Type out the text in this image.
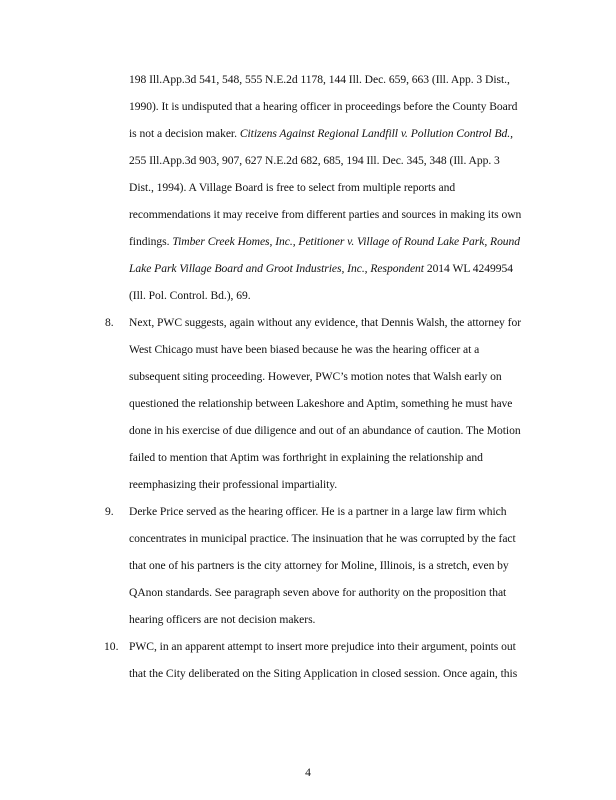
198 Ill.App.3d 541, 548, 555 N.E.2d 1178, 144 Ill. Dec. 659, 663 (Ill. App. 3 Dist.,
1990). It is undisputed that a hearing officer in proceedings before the County Board
is not a decision maker. Citizens Against Regional Landfill v. Pollution Control Bd.,
255 Ill.App.3d 903, 907, 627 N.E.2d 682, 685, 194 Ill. Dec. 345, 348 (Ill. App. 3
Dist., 1994). A Village Board is free to select from multiple reports and
recommendations it may receive from different parties and sources in making its own
findings. Timber Creek Homes, Inc., Petitioner v. Village of Round Lake Park, Round
Lake Park Village Board and Groot Industries, Inc., Respondent 2014 WL 4249954
(Ill. Pol. Control. Bd.), 69.
8. Next, PWC suggests, again without any evidence, that Dennis Walsh, the attorney for
West Chicago must have been biased because he was the hearing officer at a
subsequent siting proceeding. However, PWC’s motion notes that Walsh early on
questioned the relationship between Lakeshore and Aptim, something he must have
done in his exercise of due diligence and out of an abundance of caution. The Motion
failed to mention that Aptim was forthright in explaining the relationship and
reemphasizing their professional impartiality.
9. Derke Price served as the hearing officer. He is a partner in a large law firm which
concentrates in municipal practice. The insinuation that he was corrupted by the fact
that one of his partners is the city attorney for Moline, Illinois, is a stretch, even by
QAnon standards. See paragraph seven above for authority on the proposition that
hearing officers are not decision makers.
10. PWC, in an apparent attempt to insert more prejudice into their argument, points out
that the City deliberated on the Siting Application in closed session. Once again, this
4
